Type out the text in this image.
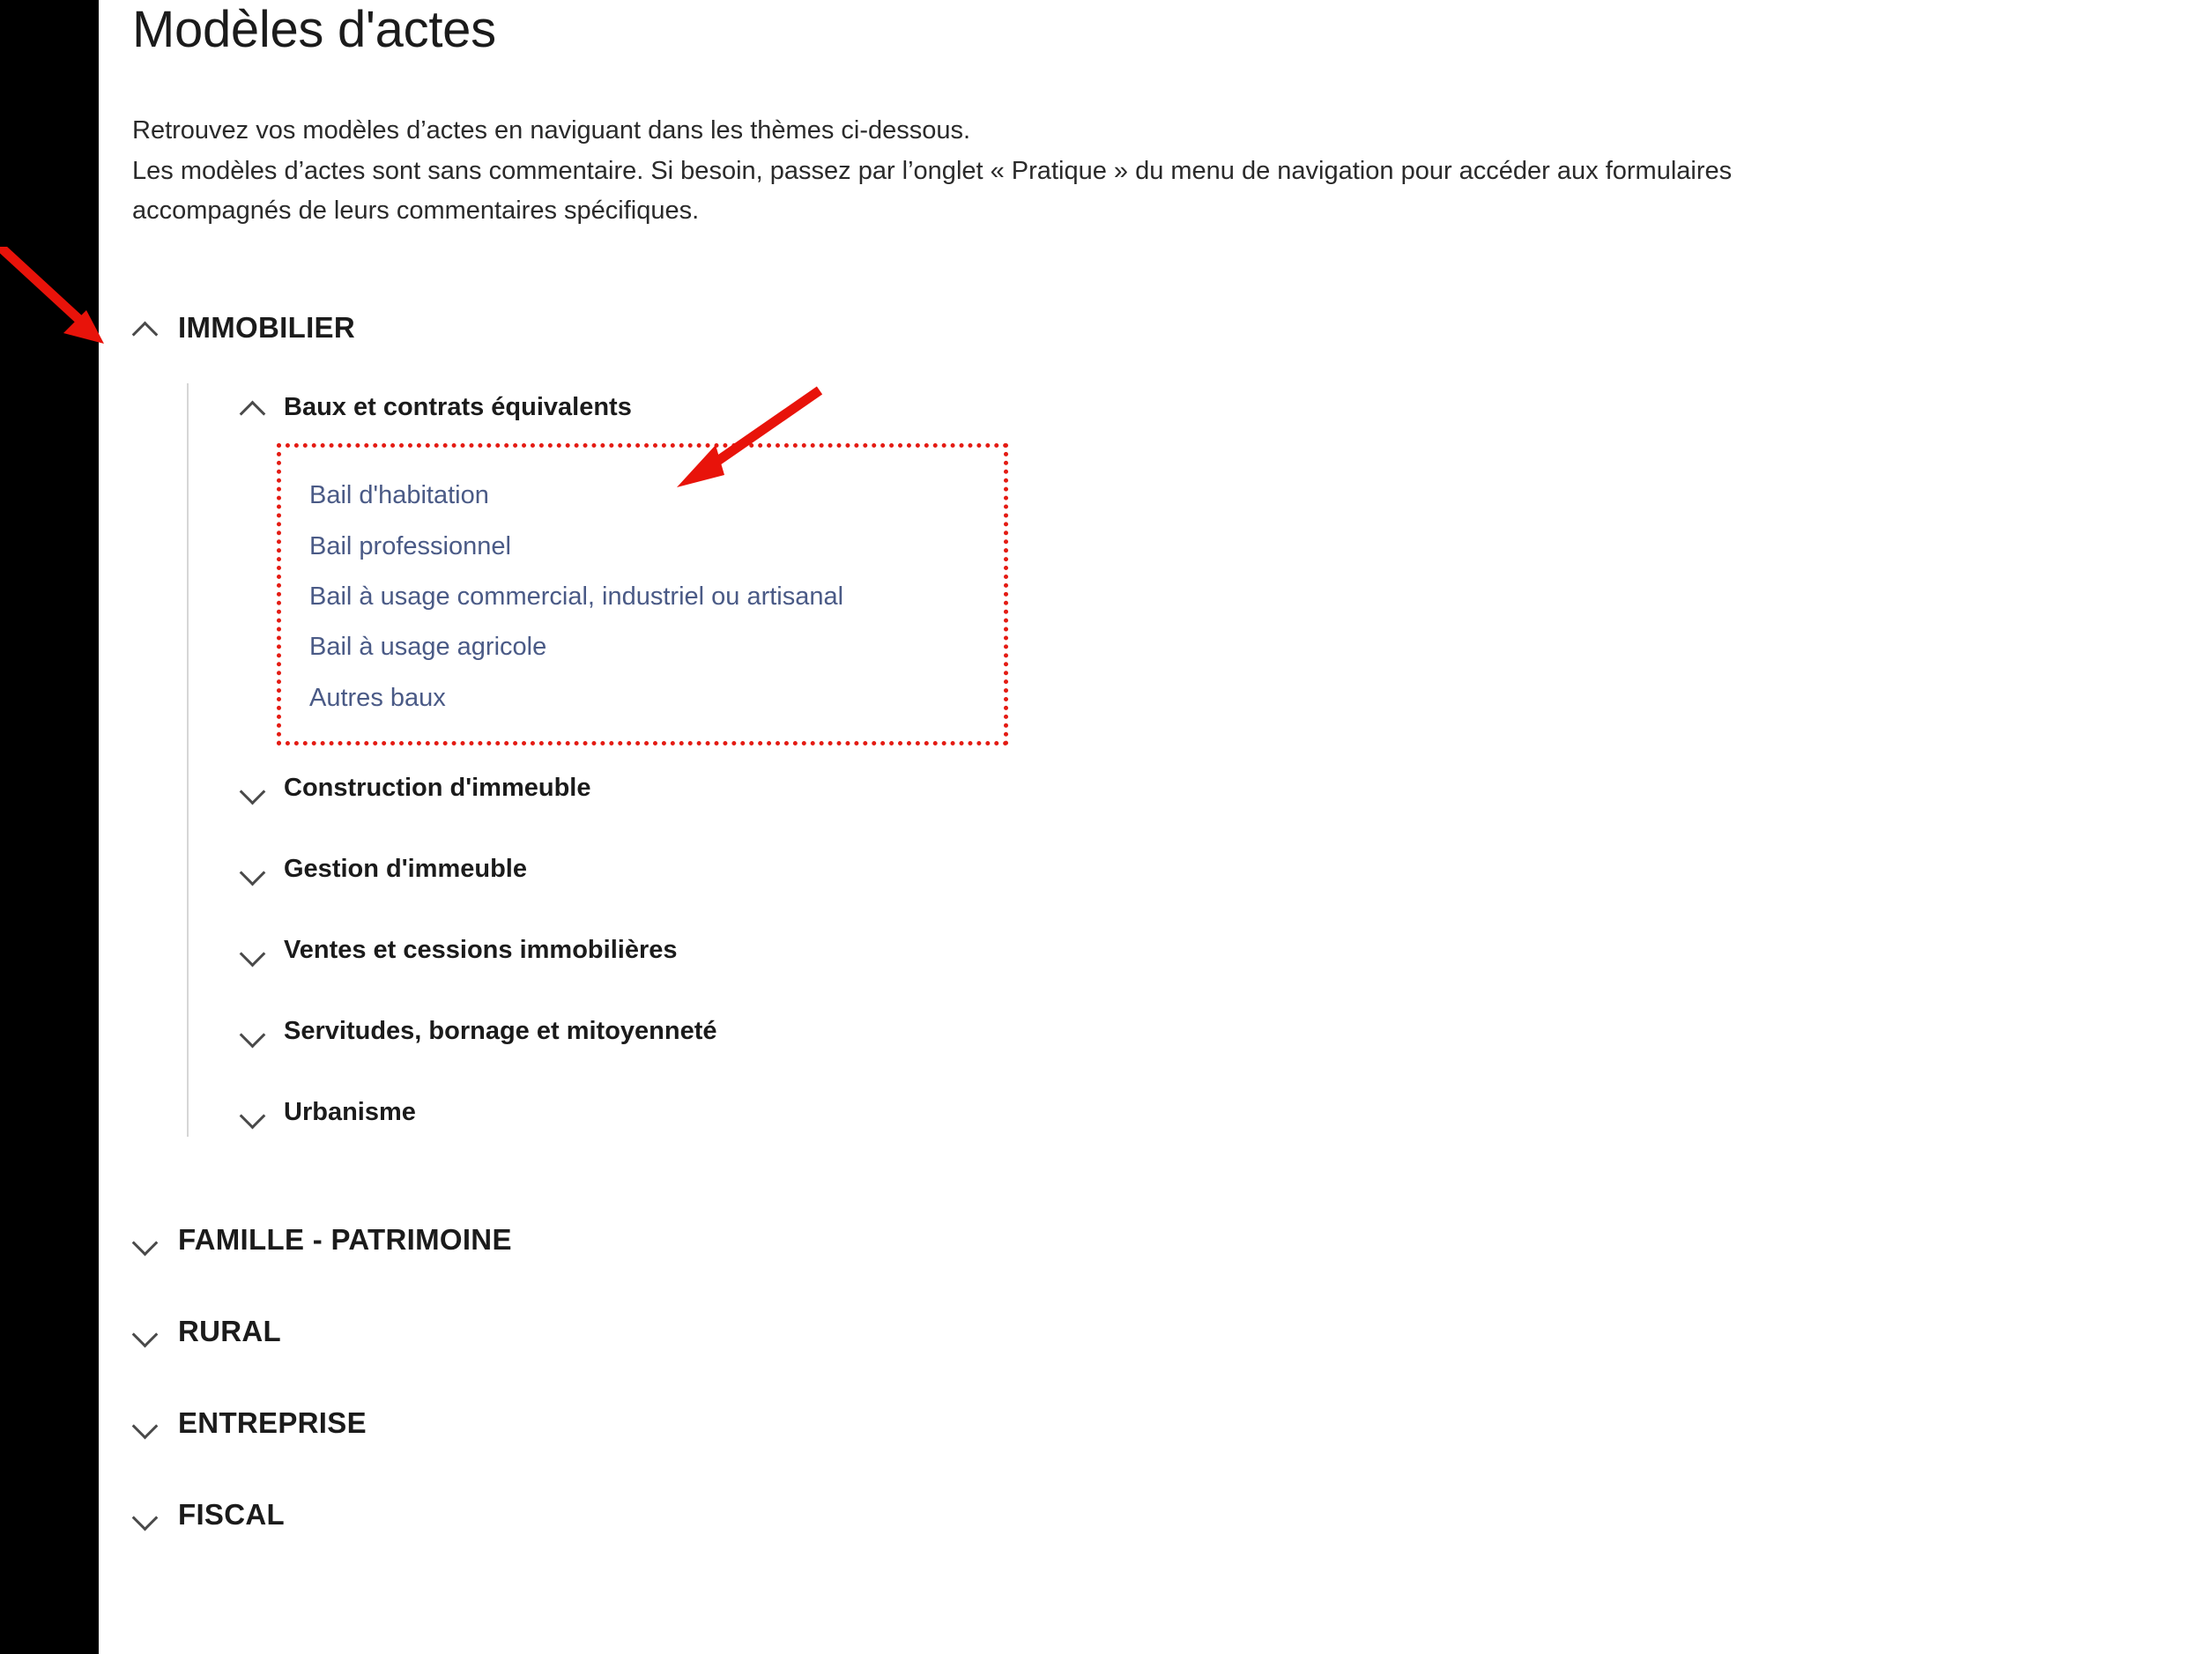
Modèles d'actes

Retrouvez vos modèles d’actes en naviguant dans les thèmes ci-dessous.

Les modèles d’actes sont sans commentaire. Si besoin, passez par l’onglet « Pratique » du menu de navigation pour accéder aux formulaires

accompagnés de leurs commentaires spécifiques.

IMMOBILIER
Baux et contrats équivalents
Bail d'habitation
Bail professionnel
Bail à usage commercial, industriel ou artisanal
Bail à usage agricole
Autres baux
Construction d'immeuble
Gestion d'immeuble
Ventes et cessions immobilières
Servitudes, bornage et mitoyenneté
Urbanisme
FAMILLE - PATRIMOINE
RURAL
ENTREPRISE
FISCAL
